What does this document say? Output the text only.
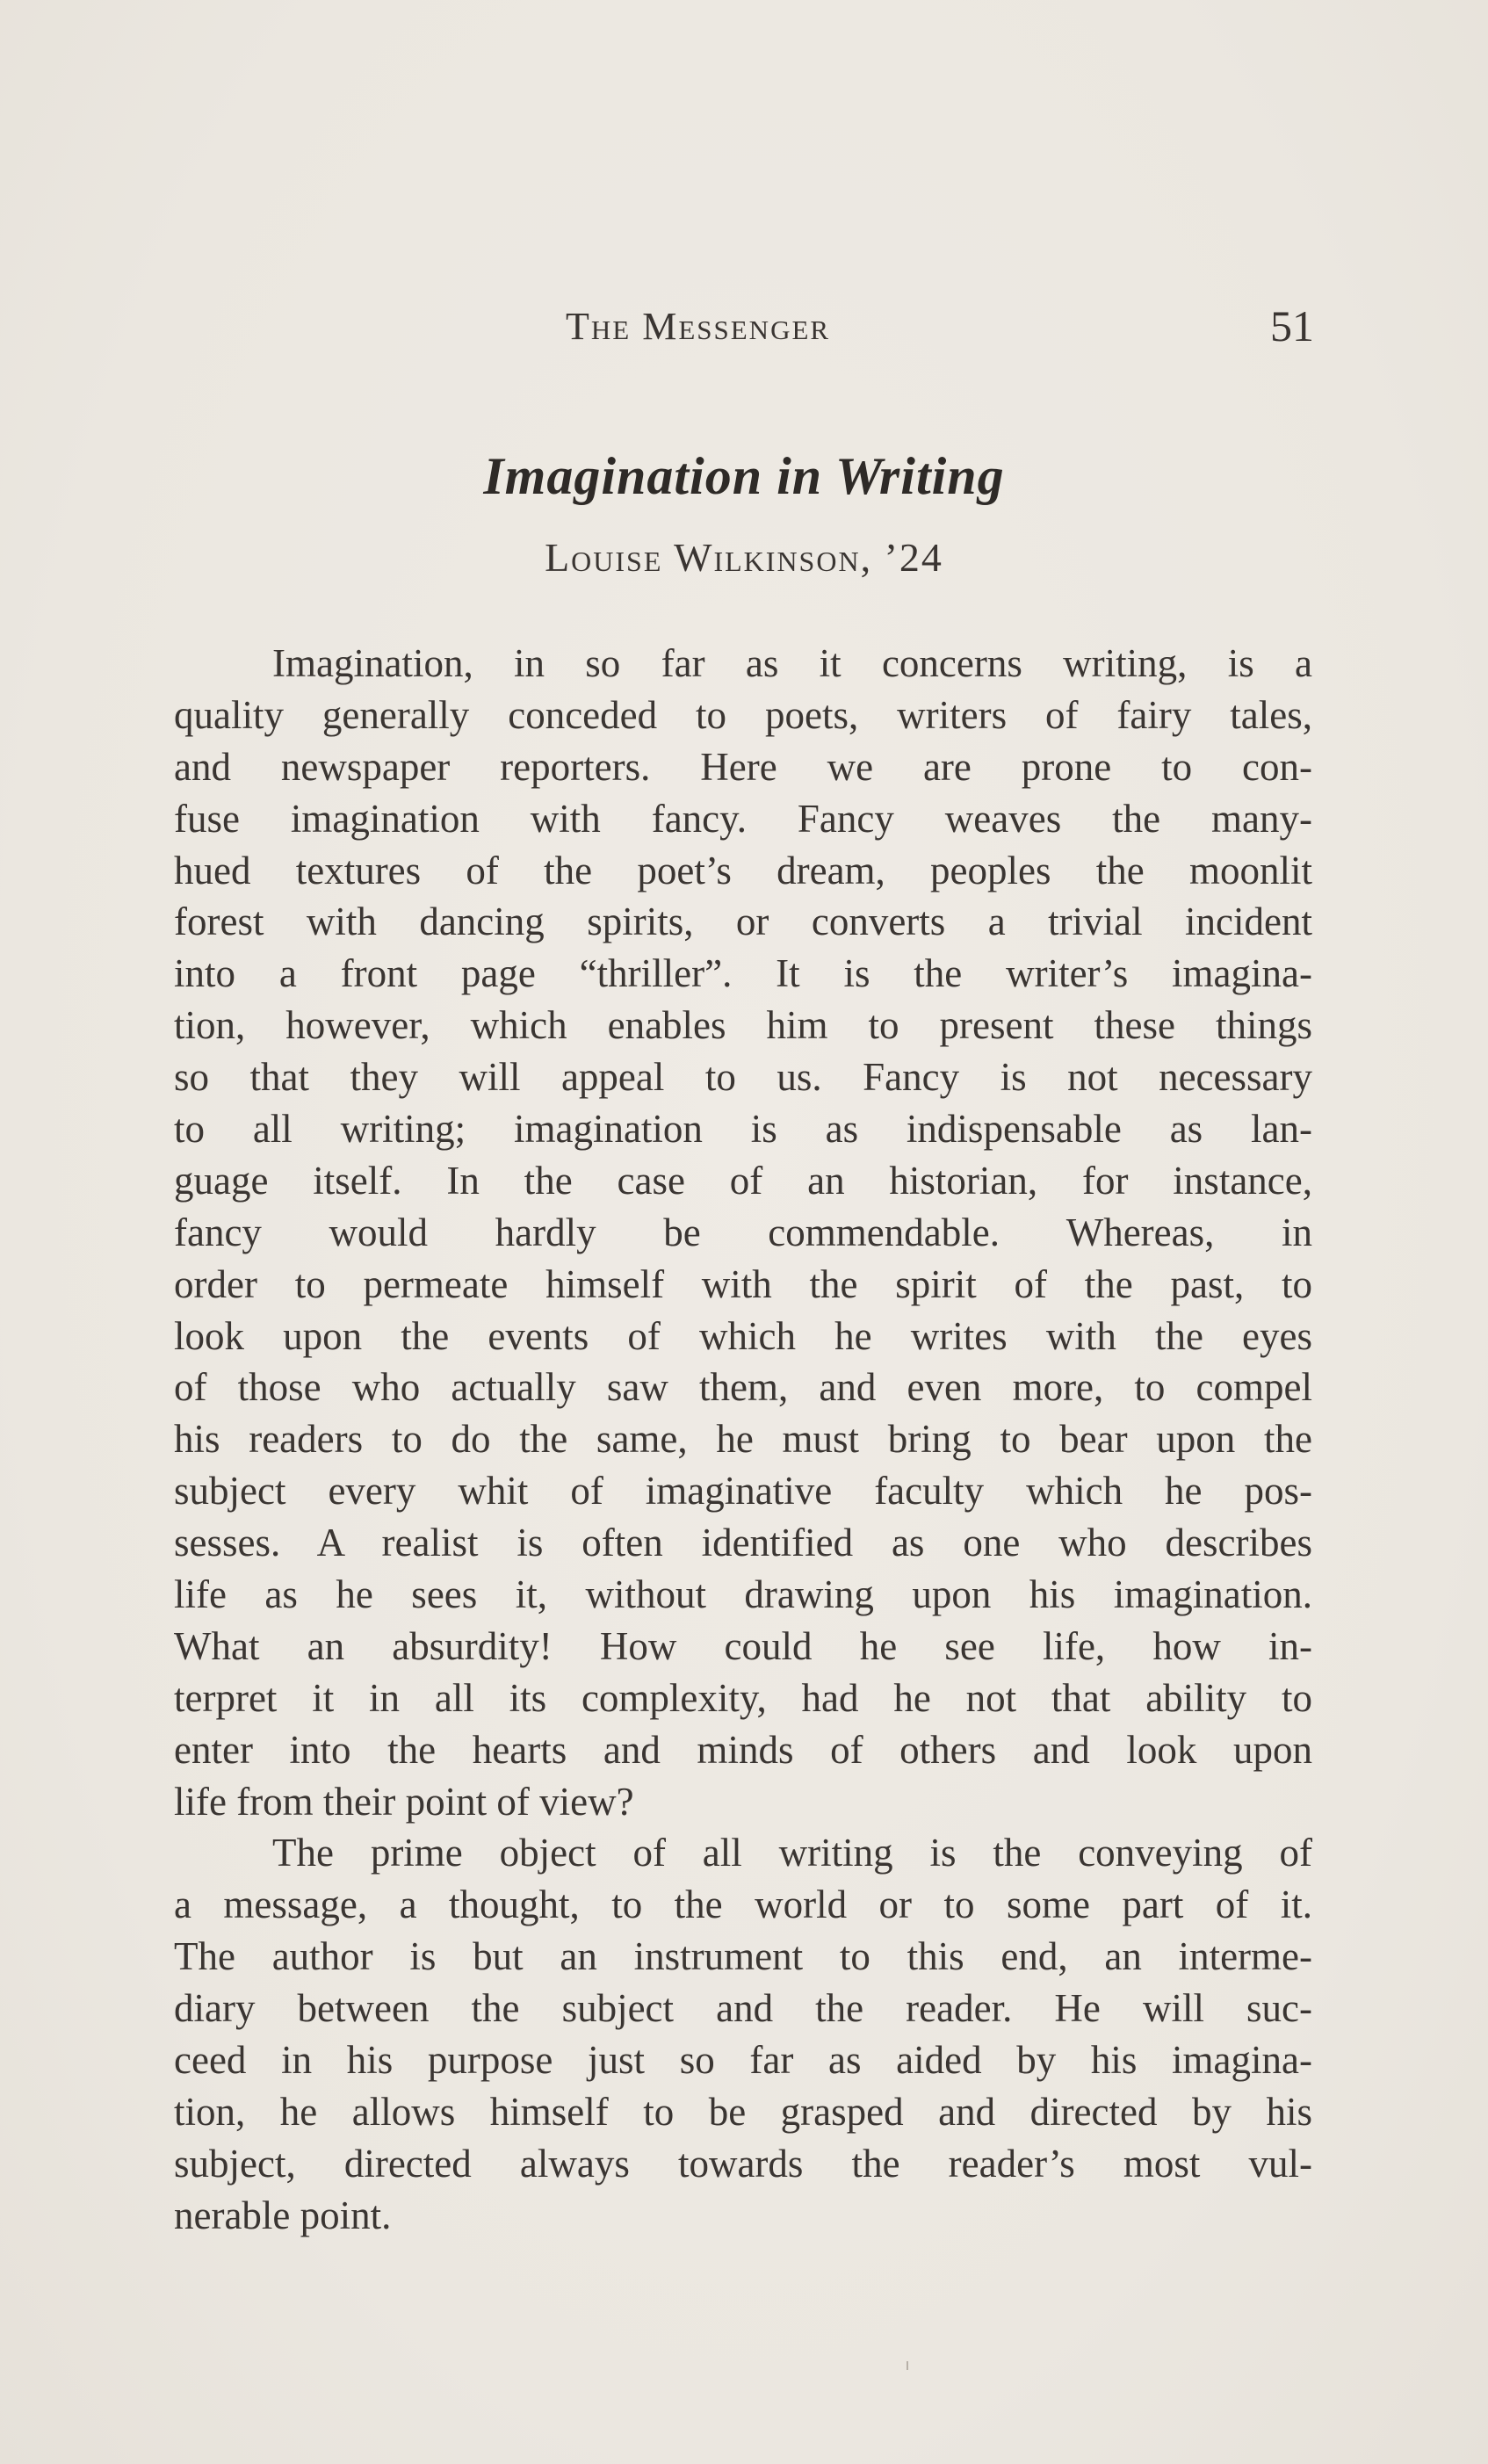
The Messenger	51
Imagination in Writing
Louise Wilkinson, ’24
Imagination, in so far as it concerns writing, is a
quality generally conceded to poets, writers of fairy tales,
and newspaper reporters. Here we are prone to con-
fuse imagination with fancy. Fancy weaves the many-
hued textures of the poet’s dream, peoples the moonlit
forest with dancing spirits, or converts a trivial incident
into a front page “thriller”. It is the writer’s imagina-
tion, however, which enables him to present these things
so that they will appeal to us. Fancy is not necessary
to all writing; imagination is as indispensable as lan-
guage itself. In the case of an historian, for instance,
fancy would hardly be commendable. Whereas, in
order to permeate himself with the spirit of the past, to
look upon the events of which he writes with the eyes
of those who actually saw them, and even more, to compel
his readers to do the same, he must bring to bear upon the
subject every whit of imaginative faculty which he pos-
sesses. A realist is often identified as one who describes
life as he sees it, without drawing upon his imagination.
What an absurdity! How could he see life, how in-
terpret it in all its complexity, had he not that ability to
enter into the hearts and minds of others and look upon
life from their point of view?
The prime object of all writing is the conveying of
a message, a thought, to the world or to some part of it.
The author is but an instrument to this end, an interme-
diary between the subject and the reader. He will suc-
ceed in his purpose just so far as aided by his imagina-
tion, he allows himself to be grasped and directed by his
subject, directed always towards the reader’s most vul-
nerable point.
